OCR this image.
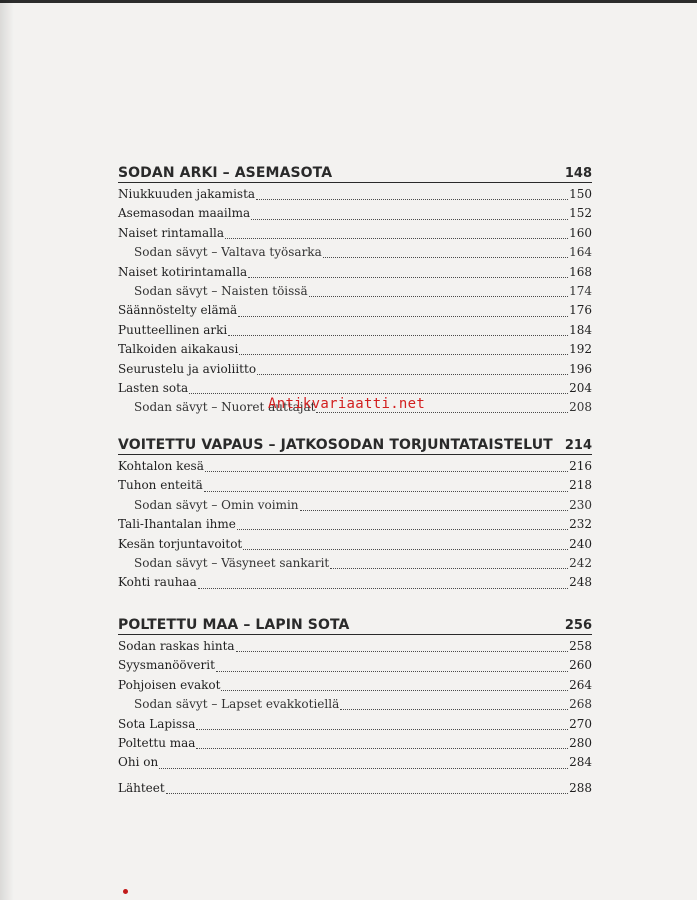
SODAN ARKI – ASEMASOTA	148
Niukkuuden jakamista	150
Asemasodan maailma	152
Naiset rintamalla	160
Sodan sävyt – Valtava työsarka	164
Naiset kotirintamalla	168
Sodan sävyt – Naisten töissä	174
Säännöstelty elämä	176
Puutteellinen arki	184
Talkoiden aikakausi	192
Seurustelu ja avioliitto	196
Lasten sota	204
Sodan sävyt – Nuoret auttajat	208
VOITETTU VAPAUS – JATKOSODAN TORJUNTATAISTELUT 214
Kohtalon kesä	216
Tuhon enteitä	218
Sodan sävyt – Omin voimin	230
Tali-Ihantalan ihme	232
Kesän torjuntavoitot	240
Sodan sävyt – Väsyneet sankarit	242
Kohti rauhaa	248
POLTETTU MAA – LAPIN SOTA	256
Sodan raskas hinta	258
Syysmanööverit	260
Pohjoisen evakot	264
Sodan sävyt – Lapset evakkotiellä	268
Sota Lapissa	270
Poltettu maa	280
Ohi on	284
Lähteet	288
Antikvariaatti.net
